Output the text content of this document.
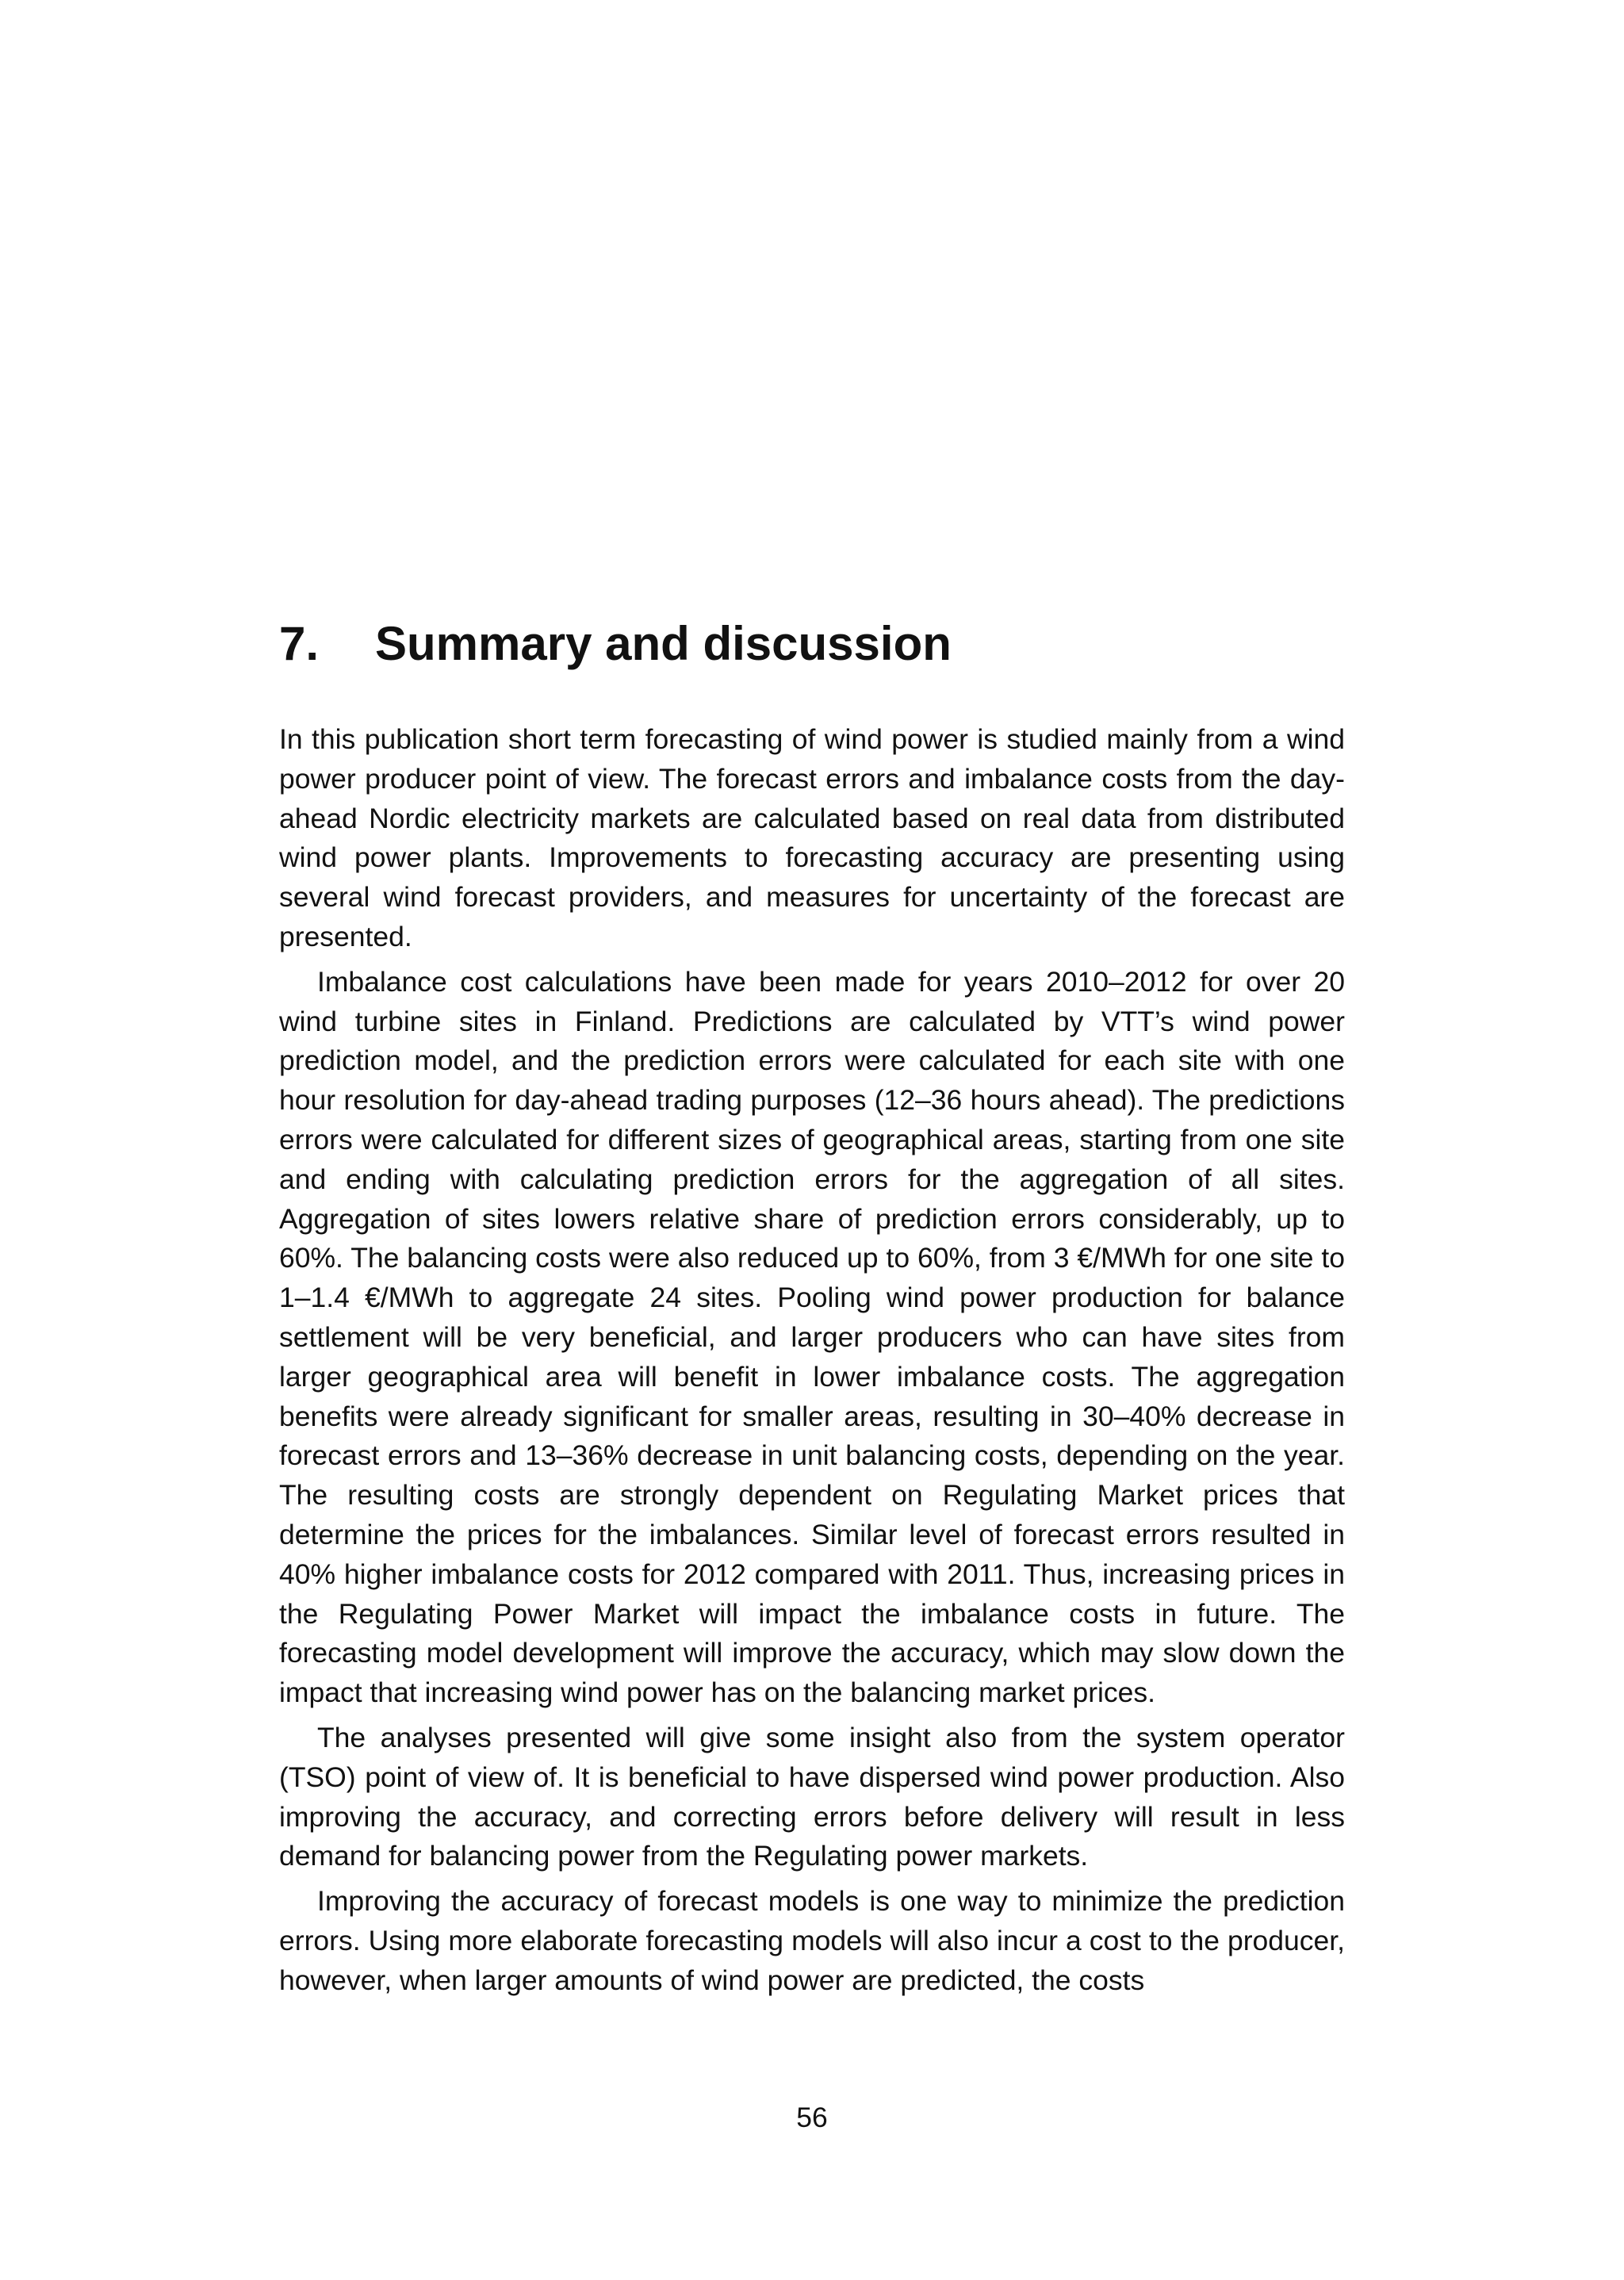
7. Summary and discussion

In this publication short term forecasting of wind power is studied mainly from a wind power producer point of view. The forecast errors and imbalance costs from the day-ahead Nordic electricity markets are calculated based on real data from distributed wind power plants. Improvements to forecasting accuracy are presenting using several wind forecast providers, and measures for uncertainty of the forecast are presented.

Imbalance cost calculations have been made for years 2010–2012 for over 20 wind turbine sites in Finland. Predictions are calculated by VTT’s wind power prediction model, and the prediction errors were calculated for each site with one hour resolution for day-ahead trading purposes (12–36 hours ahead). The predictions errors were calculated for different sizes of geographical areas, starting from one site and ending with calculating prediction errors for the aggregation of all sites. Aggregation of sites lowers relative share of prediction errors considerably, up to 60%. The balancing costs were also reduced up to 60%, from 3 €/MWh for one site to 1–1.4 €/MWh to aggregate 24 sites. Pooling wind power production for balance settlement will be very beneficial, and larger producers who can have sites from larger geographical area will benefit in lower imbalance costs. The aggregation benefits were already significant for smaller areas, resulting in 30–40% decrease in forecast errors and 13–36% decrease in unit balancing costs, depending on the year. The resulting costs are strongly dependent on Regulating Market prices that determine the prices for the imbalances. Similar level of forecast errors resulted in 40% higher imbalance costs for 2012 compared with 2011. Thus, increasing prices in the Regulating Power Market will impact the imbalance costs in future. The forecasting model development will improve the accuracy, which may slow down the impact that increasing wind power has on the balancing market prices.

The analyses presented will give some insight also from the system operator (TSO) point of view of. It is beneficial to have dispersed wind power production. Also improving the accuracy, and correcting errors before delivery will result in less demand for balancing power from the Regulating power markets.

Improving the accuracy of forecast models is one way to minimize the prediction errors. Using more elaborate forecasting models will also incur a cost to the producer, however, when larger amounts of wind power are predicted, the costs

56
